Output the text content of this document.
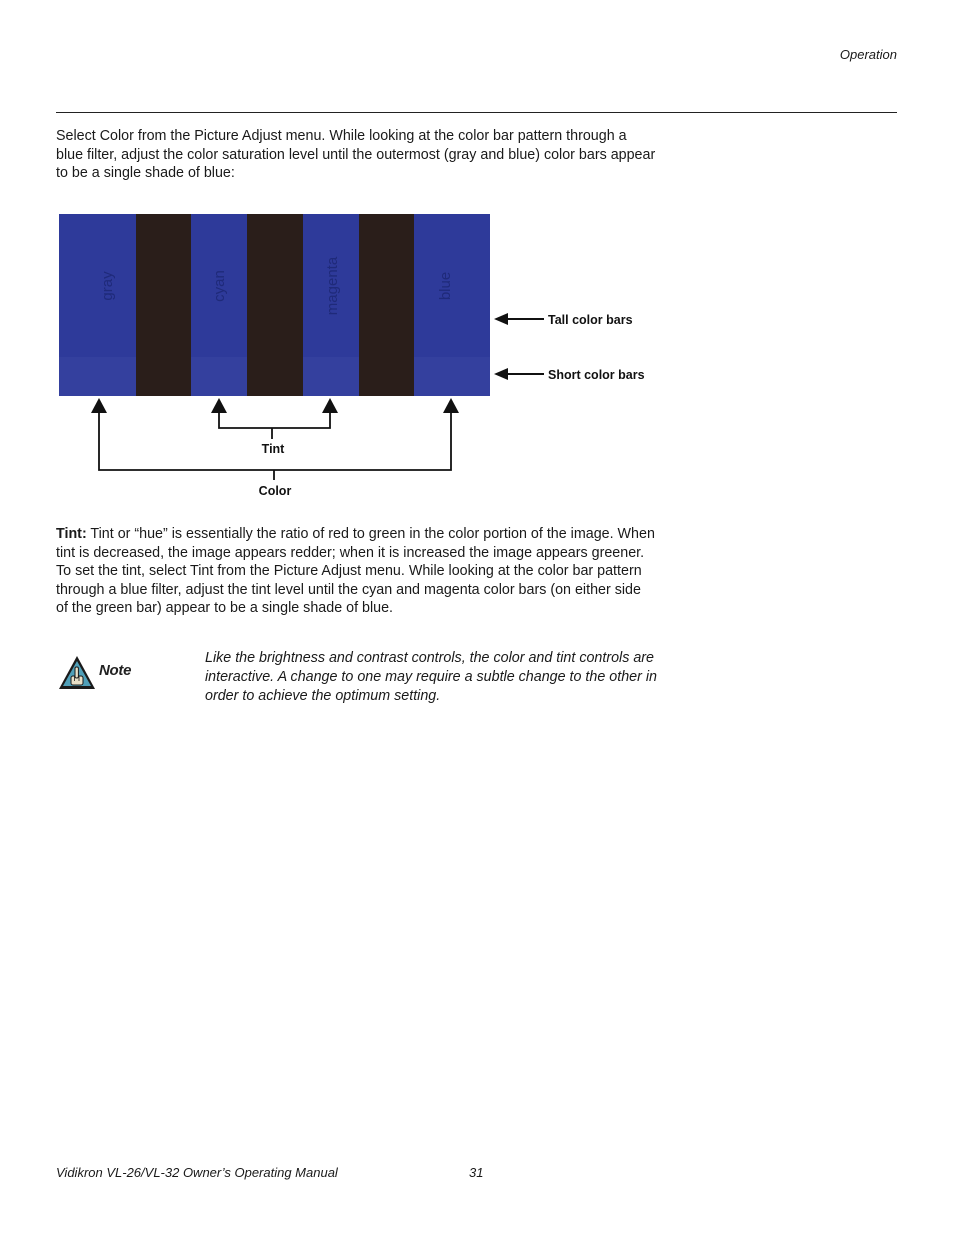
Operation

Select Color from the Picture Adjust menu. While looking at the color bar pattern through a blue filter, adjust the color saturation level until the outermost (gray and blue) color bars appear to be a single shade of blue:

gray	cyan	magenta	blue
Tall color bars
Short color bars
Tint
Color

Tint: Tint or “hue” is essentially the ratio of red to green in the color portion of the image. When tint is decreased, the image appears redder; when it is increased the image appears greener. To set the tint, select Tint from the Picture Adjust menu. While looking at the color bar pattern through a blue filter, adjust the tint level until the cyan and magenta color bars (on either side of the green bar) appear to be a single shade of blue.

Note

Like the brightness and contrast controls, the color and tint controls are interactive. A change to one may require a subtle change to the other in order to achieve the optimum setting.

Vidikron VL-26/VL-32 Owner’s Operating Manual	31
